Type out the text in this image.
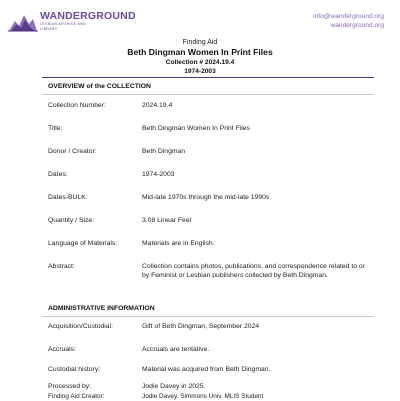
WANDERGROUND
LESBIAN ARCHIVE AND LIBRARY
info@wanderground.org
wanderground.org
Finding Aid
Beth Dingman Women In Print Files
Collection # 2024.19.4
1974-2003
OVERVIEW of the COLLECTION
Collection Number:	2024.19.4
Title:	Beth Dingman Women In Print Files
Donor / Creator:	Beth Dingman
Dates:	1974-2003
Dates-BULK:	Mid-late 1970s through the mid-late 1990s
Quantity / Size:	3.08 Linear Feet
Language of Materials:	Materials are in English.
Abstract:	Collection contains photos, publications, and correspondence related to or by Feminist or Lesbian publishers collected by Beth Dingman.
ADMINISTRATIVE INFORMATION
Acquisition/Custodial:	Gift of Beth Dingman, September 2024
Accruals:	Accruals are tentative.
Custodial history:	Material was acquired from Beth Dingman.
Processed by:	Jodie Davey in 2025.
Finding Aid Creator:	Jodie Davey, Simmons Univ. MLIS Student
